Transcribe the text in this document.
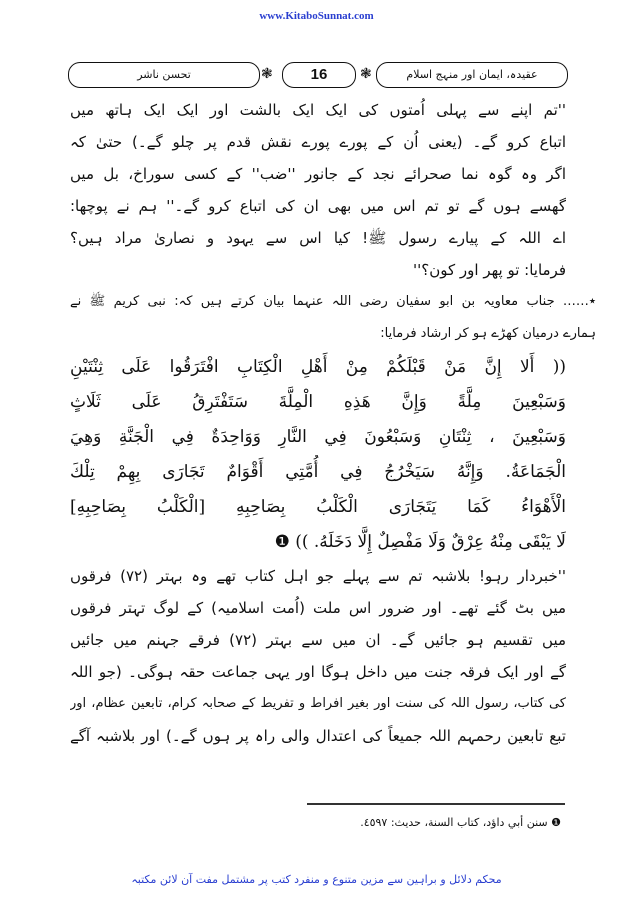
www.KitaboSunnat.com
تحسن ناشر	❃	16	❃	عقیدہ، ایمان اور منہج اسلام
''تم اپنے سے پہلی اُمتوں کی ایک ایک بالشت اور ایک ایک ہاتھ میں
اتباع کرو گے۔ (یعنی اُن کے پورے پورے نقش قدم پر چلو گے۔) حتیٰ کہ
اگر وہ گوہ نما صحرائے نجد کے جانور ''ضب'' کے کسی سوراخ، بل میں
گھسے ہوں گے تو تم اس میں بھی ان کی اتباع کرو گے۔'' ہم نے پوچھا:
اے اللہ کے پیارے رسول ﷺ! کیا اس سے یہود و نصاریٰ مراد ہیں؟
فرمایا: تو پھر اور کون؟''
٭…… جناب معاویہ بن ابو سفیان رضی اللہ عنہما بیان کرتے ہیں کہ: نبی کریم ﷺ نے
ہمارے درمیان کھڑے ہو کر ارشاد فرمایا:
(( أَلا إِنَّ مَنْ قَبْلَكُمْ مِنْ أَهْلِ الْكِتَابِ افْتَرَقُوا عَلَى ثِنْتَيْنِ
وَسَبْعِينَ مِلَّةً وَإِنَّ هَذِهِ الْمِلَّةَ سَتَفْتَرِقُ عَلَى ثَلَاثٍ
وَسَبْعِينَ ، ثِنْتَانِ وَسَبْعُونَ فِي النَّارِ وَوَاحِدَةٌ فِي الْجَنَّةِ وَهِيَ
الْجَمَاعَةُ. وَإِنَّهُ سَيَخْرُجُ فِي أُمَّتِي أَقْوَامٌ تَجَارَى بِهِمْ تِلْكَ
الْأَهْوَاءُ كَمَا يَتَجَارَى الْكَلْبُ بِصَاحِبِهِ [الْكَلْبُ بِصَاحِبِهِ]
لَا يَبْقَى مِنْهُ عِرْقٌ وَلَا مَفْصِلٌ إِلَّا دَخَلَهُ. )) ❶
''خبردار رہو! بلاشبہ تم سے پہلے جو اہل کتاب تھے وہ بہتر (۷۲) فرقوں
میں بٹ گئے تھے۔ اور ضرور اس ملت (اُمت اسلامیہ) کے لوگ تہتر فرقوں
میں تقسیم ہو جائیں گے۔ ان میں سے بہتر (۷۲) فرقے جہنم میں جائیں
گے اور ایک فرقہ جنت میں داخل ہوگا اور یہی جماعت حقہ ہوگی۔ (جو اللہ
کی کتاب، رسول اللہ کی سنت اور بغیر افراط و تفریط کے صحابہ کرام، تابعین عظام، اور
تبع تابعین رحمہم اللہ جمیعاً کی اعتدال والی راہ پر ہوں گے۔) اور بلاشبہ آگے
❶ سنن أبي داؤد، كتاب السنة، حديث: ٤٥٩٧.
محکم دلائل و براہین سے مزین متنوع و منفرد کتب پر مشتمل مفت آن لائن مکتبہ
